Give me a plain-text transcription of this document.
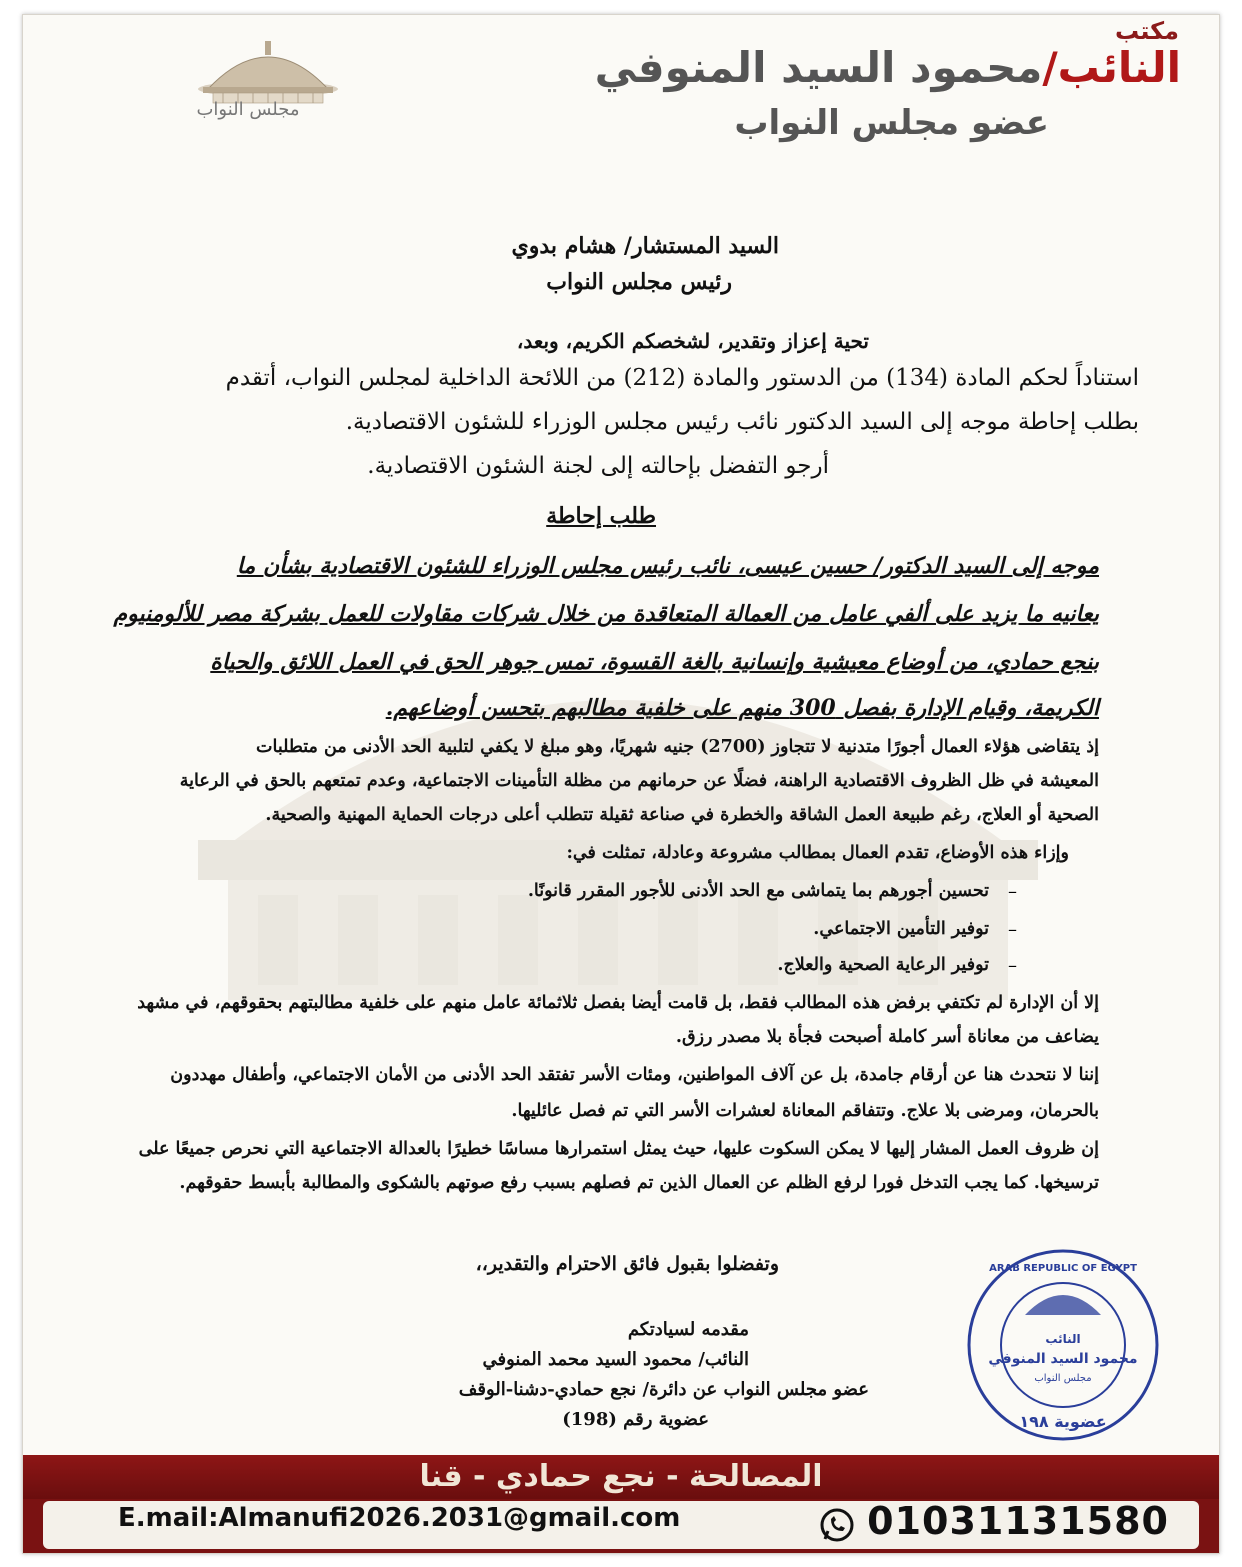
مكتب
النائب/محمود السيد المنوفي
عضو مجلس النواب
مجلس النواب
السيد المستشار/ هشام بدوي
رئيس مجلس النواب
تحية إعزاز وتقدير، لشخصكم الكريم، وبعد،
استناداً لحكم المادة (134) من الدستور والمادة (212) من اللائحة الداخلية لمجلس النواب، أتقدم
بطلب إحاطة موجه إلى السيد الدكتور نائب رئيس مجلس الوزراء للشئون الاقتصادية.
أرجو التفضل بإحالته إلى لجنة الشئون الاقتصادية.
طلب إحاطة
موجه إلى السيد الدكتور/ حسين عيسى، نائب رئيس مجلس الوزراء للشئون الاقتصادية بشأن ما
يعانيه ما يزيد على ألفي عامل من العمالة المتعاقدة من خلال شركات مقاولات للعمل بشركة مصر للألومنيوم
بنجع حمادي، من أوضاع معيشية وإنسانية بالغة القسوة، تمس جوهر الحق في العمل اللائق والحياة
الكريمة، وقيام الإدارة بفصل 300 منهم على خلفية مطالبهم بتحسن أوضاعهم.
إذ يتقاضى هؤلاء العمال أجورًا متدنية لا تتجاوز (2700) جنيه شهريًا، وهو مبلغ لا يكفي لتلبية الحد الأدنى من متطلبات
المعيشة في ظل الظروف الاقتصادية الراهنة، فضلًا عن حرمانهم من مظلة التأمينات الاجتماعية، وعدم تمتعهم بالحق في الرعاية
الصحية أو العلاج، رغم طبيعة العمل الشاقة والخطرة في صناعة ثقيلة تتطلب أعلى درجات الحماية المهنية والصحية.
وإزاء هذه الأوضاع، تقدم العمال بمطالب مشروعة وعادلة، تمثلت في:
–
تحسين أجورهم بما يتماشى مع الحد الأدنى للأجور المقرر قانونًا.
–
توفير التأمين الاجتماعي.
–
توفير الرعاية الصحية والعلاج.
إلا أن الإدارة لم تكتفي برفض هذه المطالب فقط، بل قامت أيضا بفصل ثلاثمائة عامل منهم على خلفية مطالبتهم بحقوقهم، في مشهد
يضاعف من معاناة أسر كاملة أصبحت فجأة بلا مصدر رزق.
إننا لا نتحدث هنا عن أرقام جامدة، بل عن آلاف المواطنين، ومئات الأسر تفتقد الحد الأدنى من الأمان الاجتماعي، وأطفال مهددون
بالحرمان، ومرضى بلا علاج. وتتفاقم المعاناة لعشرات الأسر التي تم فصل عائليها.
إن ظروف العمل المشار إليها لا يمكن السكوت عليها، حيث يمثل استمرارها مساسًا خطيرًا بالعدالة الاجتماعية التي نحرص جميعًا على
ترسيخها. كما يجب التدخل فورا لرفع الظلم عن العمال الذين تم فصلهم بسبب رفع صوتهم بالشكوى والمطالبة بأبسط حقوقهم.
وتفضلوا بقبول فائق الاحترام والتقدير،،
مقدمه لسيادتكم
النائب/ محمود السيد محمد المنوفي
عضو مجلس النواب عن دائرة/ نجع حمادي-دشنا-الوقف
عضوية رقم (198)
النائب
محمود السيد المنوفي
مجلس النواب
عضوية ١٩٨
ARAB REPUBLIC OF EGYPT
المصالحة - نجع حمادي - قنا
E.mail:Almanufi2026.2031@gmail.com	01031131580
